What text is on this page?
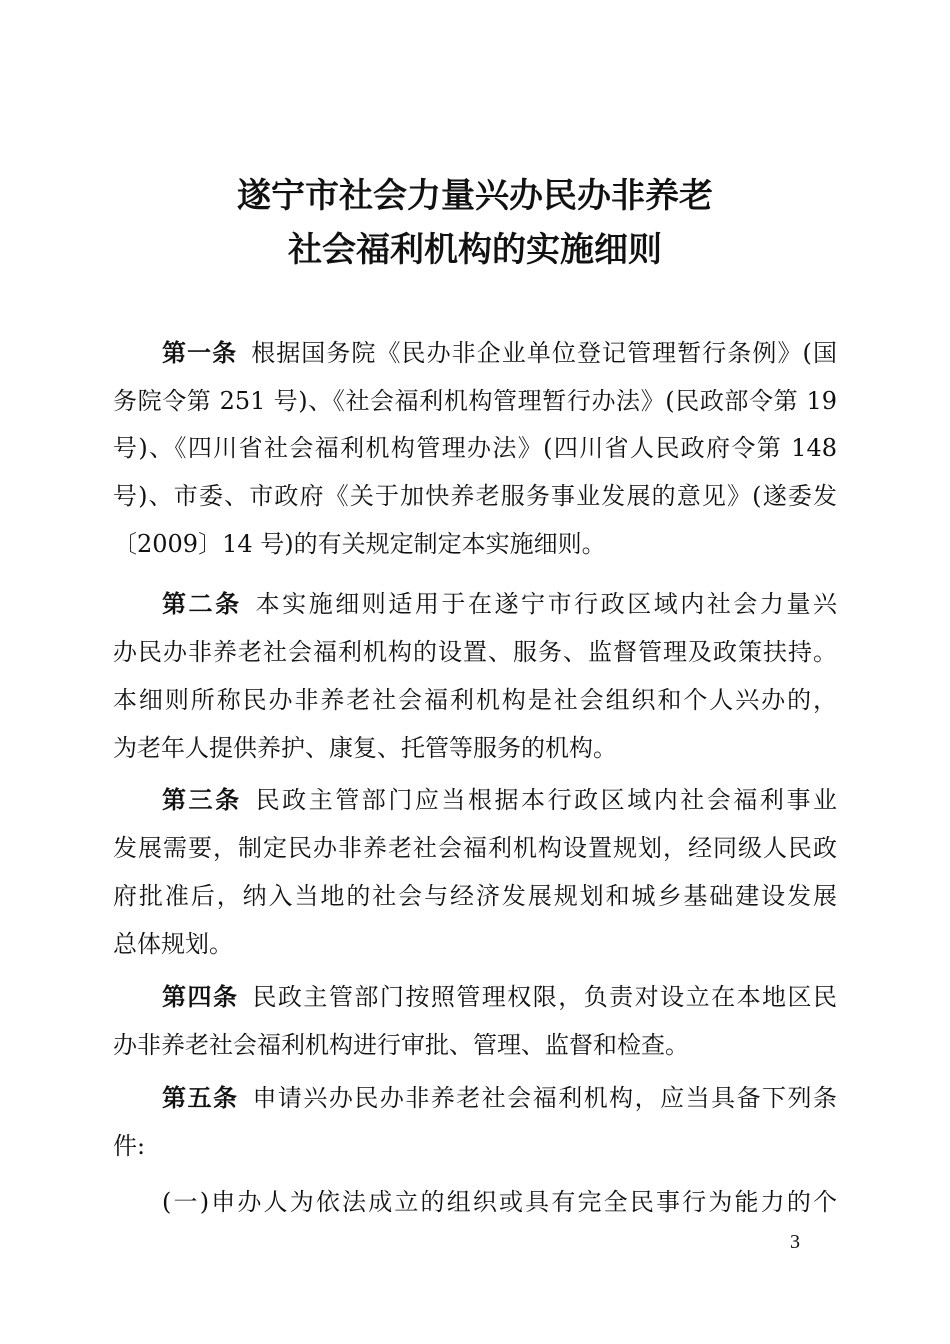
遂宁市社会力量兴办民办非养老
社会福利机构的实施细则
第一条 根据国务院《民办非企业单位登记管理暂行条例》(国
务院令第 251 号)、《社会福利机构管理暂行办法》(民政部令第 19
号)、《四川省社会福利机构管理办法》(四川省人民政府令第 148
号)、市委、市政府《关于加快养老服务事业发展的意见》(遂委发
〔2009〕14 号)的有关规定制定本实施细则。
第二条 本实施细则适用于在遂宁市行政区域内社会力量兴
办民办非养老社会福利机构的设置、服务、监督管理及政策扶持。
本细则所称民办非养老社会福利机构是社会组织和个人兴办的，
为老年人提供养护、康复、托管等服务的机构。
第三条 民政主管部门应当根据本行政区域内社会福利事业
发展需要，制定民办非养老社会福利机构设置规划，经同级人民政
府批准后，纳入当地的社会与经济发展规划和城乡基础建设发展
总体规划。
第四条 民政主管部门按照管理权限，负责对设立在本地区民
办非养老社会福利机构进行审批、管理、监督和检查。
第五条 申请兴办民办非养老社会福利机构，应当具备下列条
件:
(一)申办人为依法成立的组织或具有完全民事行为能力的个
3
